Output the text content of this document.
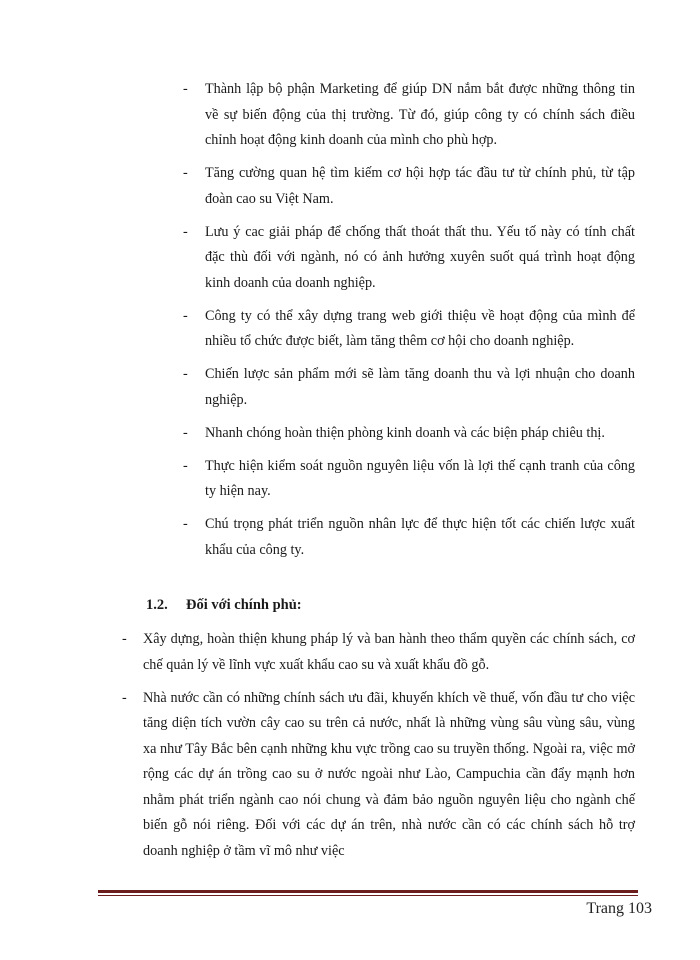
- Thành lập bộ phận Marketing để giúp DN nắm bắt được những thông tin về sự biến động của thị trường. Từ đó, giúp công ty có chính sách điều chỉnh hoạt động kinh doanh của mình cho phù hợp.
- Tăng cường quan hệ tìm kiếm cơ hội hợp tác đầu tư từ chính phủ, từ tập đoàn cao su Việt Nam.
- Lưu ý cac giải pháp để chống thất thoát thất thu. Yếu tố này có tính chất đặc thù đối với ngành, nó có ảnh hưởng xuyên suốt quá trình hoạt động kinh doanh của doanh nghiệp.
- Công ty có thể xây dựng trang web giới thiệu về hoạt động của mình để nhiều tổ chức được biết, làm tăng thêm cơ hội cho doanh nghiệp.
- Chiến lược sản phẩm mới sẽ làm tăng doanh thu và lợi nhuận cho doanh nghiệp.
- Nhanh chóng hoàn thiện phòng kinh doanh và các biện pháp chiêu thị.
- Thực hiện kiểm soát nguồn nguyên liệu vốn là lợi thế cạnh tranh của công ty hiện nay.
- Chú trọng phát triển nguồn nhân lực để thực hiện tốt các chiến lược xuất khẩu của công ty.
1.2. Đối với chính phủ:
- Xây dựng, hoàn thiện khung pháp lý và ban hành theo thẩm quyền các chính sách, cơ chế quản lý về lĩnh vực xuất khẩu cao su và xuất khẩu đồ gỗ.
- Nhà nước cần có những chính sách ưu đãi, khuyến khích về thuế, vốn đầu tư cho việc tăng diện tích vườn cây cao su trên cả nước, nhất là những vùng sâu vùng sâu, vùng xa như Tây Bắc bên cạnh những khu vực trồng cao su truyền thống. Ngoài ra, việc mở rộng các dự án trồng cao su ở nước ngoài như Lào, Campuchia cần đẩy mạnh hơn nhằm phát triển ngành cao nói chung và đảm bảo nguồn nguyên liệu cho ngành chế biến gỗ nói riêng. Đối với các dự án trên, nhà nước cần có các chính sách hỗ trợ doanh nghiệp ở tầm vĩ mô như việc
Trang 103
